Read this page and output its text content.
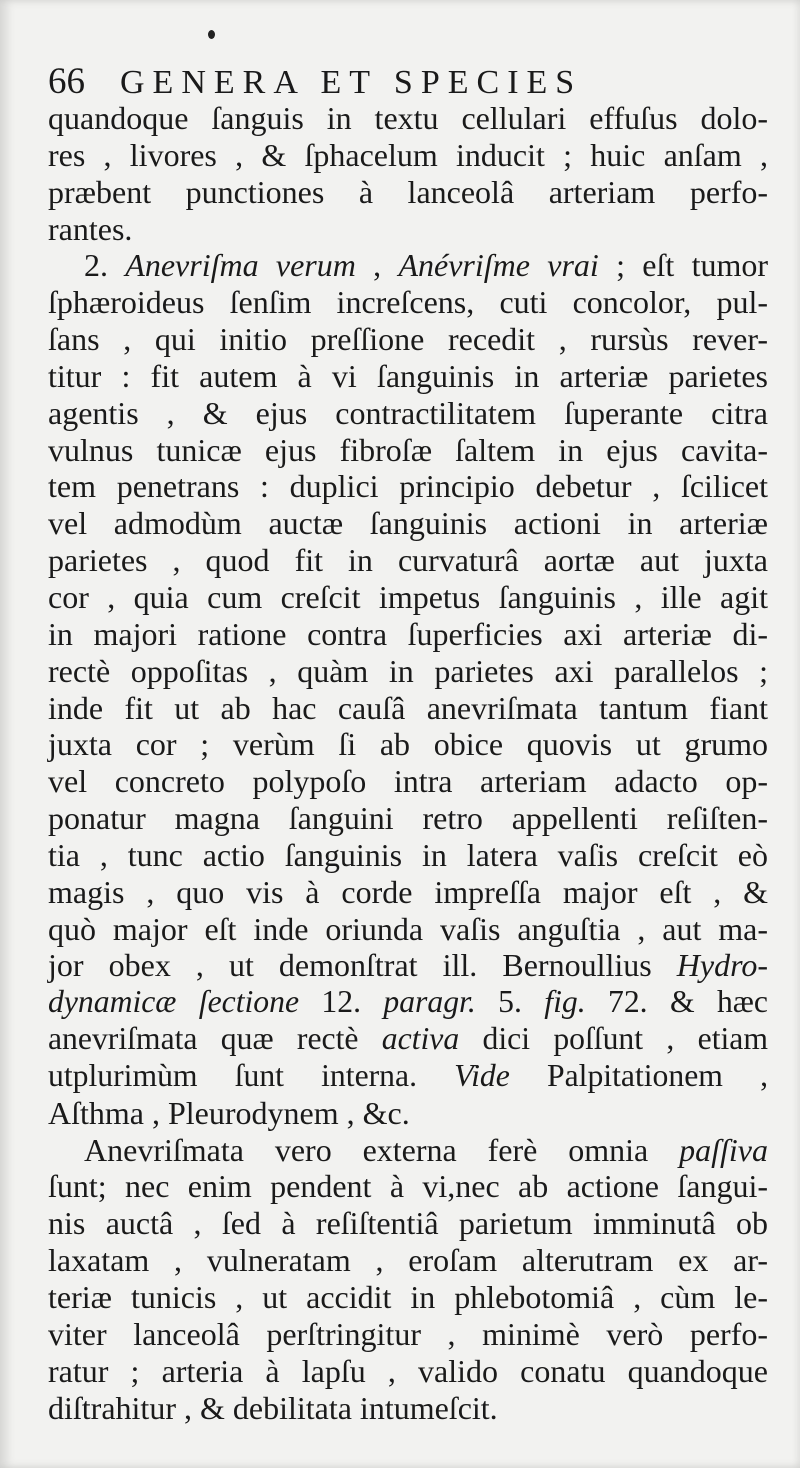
66	GENERA ET SPECIES
quandoque ſanguis in textu cellulari effuſus dolo-
res , livores , & ſphacelum inducit ; huic anſam ,
præbent punctiones à lanceolâ arteriam perfo-
rantes.
2. Anevriſma verum , Anévriſme vrai ; eſt tumor
ſphæroideus ſenſim increſcens, cuti concolor, pul-
ſans , qui initio preſſione recedit , rursùs rever-
titur : fit autem à vi ſanguinis in arteriæ parietes
agentis , & ejus contractilitatem ſuperante citra
vulnus tunicæ ejus fibroſæ ſaltem in ejus cavita-
tem penetrans : duplici principio debetur , ſcilicet
vel admodùm auctæ ſanguinis actioni in arteriæ
parietes , quod fit in curvaturâ aortæ aut juxta
cor , quia cum creſcit impetus ſanguinis , ille agit
in majori ratione contra ſuperficies axi arteriæ di-
rectè oppoſitas , quàm in parietes axi parallelos ;
inde fit ut ab hac cauſâ anevriſmata tantum fiant
juxta cor ; verùm ſi ab obice quovis ut grumo
vel concreto polypoſo intra arteriam adacto op-
ponatur magna ſanguini retro appellenti reſiſten-
tia , tunc actio ſanguinis in latera vaſis creſcit eò
magis , quo vis à corde impreſſa major eſt , &
quò major eſt inde oriunda vaſis anguſtia , aut ma-
jor obex , ut demonſtrat ill. Bernoullius Hydro-
dynamicæ ſectione 12. paragr. 5. fig. 72. & hæc
anevriſmata quæ rectè activa dici poſſunt , etiam
utplurimùm ſunt interna. Vide Palpitationem ,
Aſthma , Pleurodynem , &c.
Anevriſmata vero externa ferè omnia paſſiva
ſunt; nec enim pendent à vi,nec ab actione ſangui-
nis auctâ , ſed à reſiſtentiâ parietum imminutâ ob
laxatam , vulneratam , eroſam alterutram ex ar-
teriæ tunicis , ut accidit in phlebotomiâ , cùm le-
viter lanceolâ perſtringitur , minimè verò perfo-
ratur ; arteria à lapſu , valido conatu quandoque
diſtrahitur , & debilitata intumeſcit.
